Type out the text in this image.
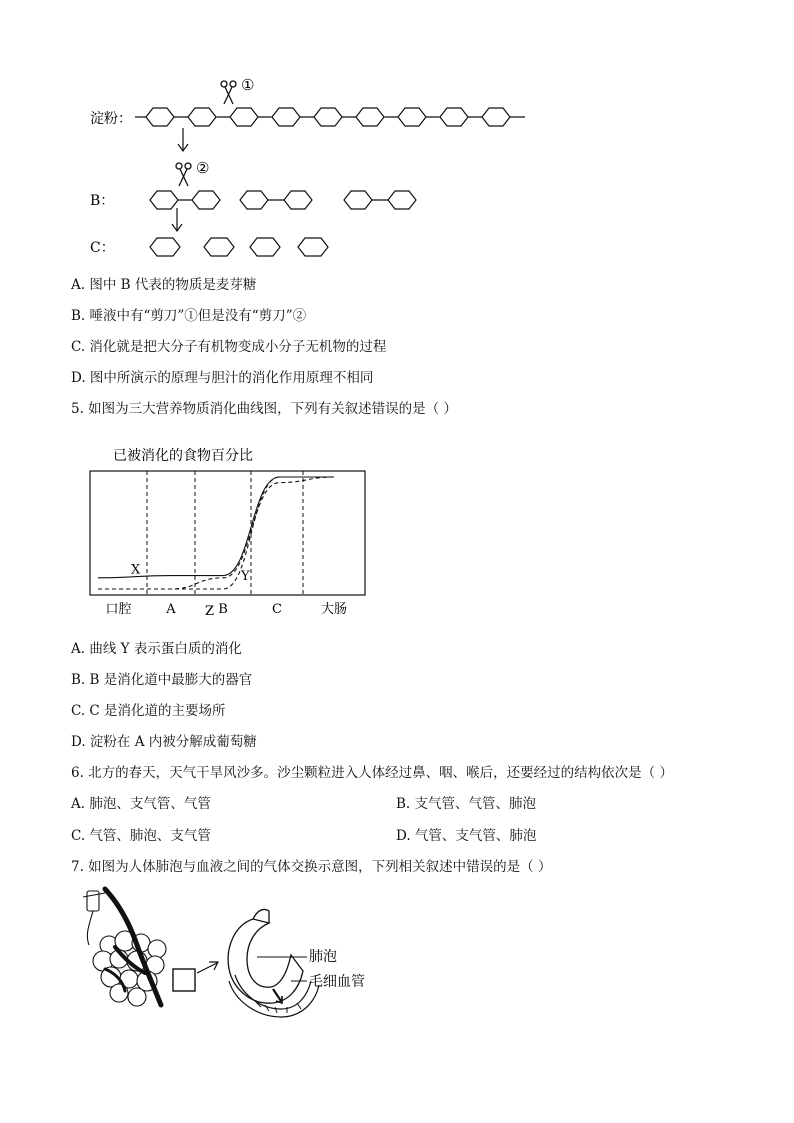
淀粉：
B：
C：
①
②
A. 图中 B 代表的物质是麦芽糖
B. 唾液中有“剪刀”①但是没有“剪刀”②
C. 消化就是把大分子有机物变成小分子无机物的过程
D. 图中所演示的原理与胆汁的消化作用原理不相同
5. 如图为三大营养物质消化曲线图，下列有关叙述错误的是（ ）
已被消化的食物百分比
X	Y
Z
口腔	A	B	C	大肠
A. 曲线 Y 表示蛋白质的消化
B. B 是消化道中最膨大的器官
C. C 是消化道的主要场所
D. 淀粉在 A 内被分解成葡萄糖
6. 北方的春天，天气干旱风沙多。沙尘颗粒进入人体经过鼻、咽、喉后，还要经过的结构依次是（ ）
A. 肺泡、支气管、气管	B. 支气管、气管、肺泡
C. 气管、肺泡、支气管	D. 气管、支气管、肺泡
7. 如图为人体肺泡与血液之间的气体交换示意图，下列相关叙述中错误的是（ ）
肺泡
毛细血管
